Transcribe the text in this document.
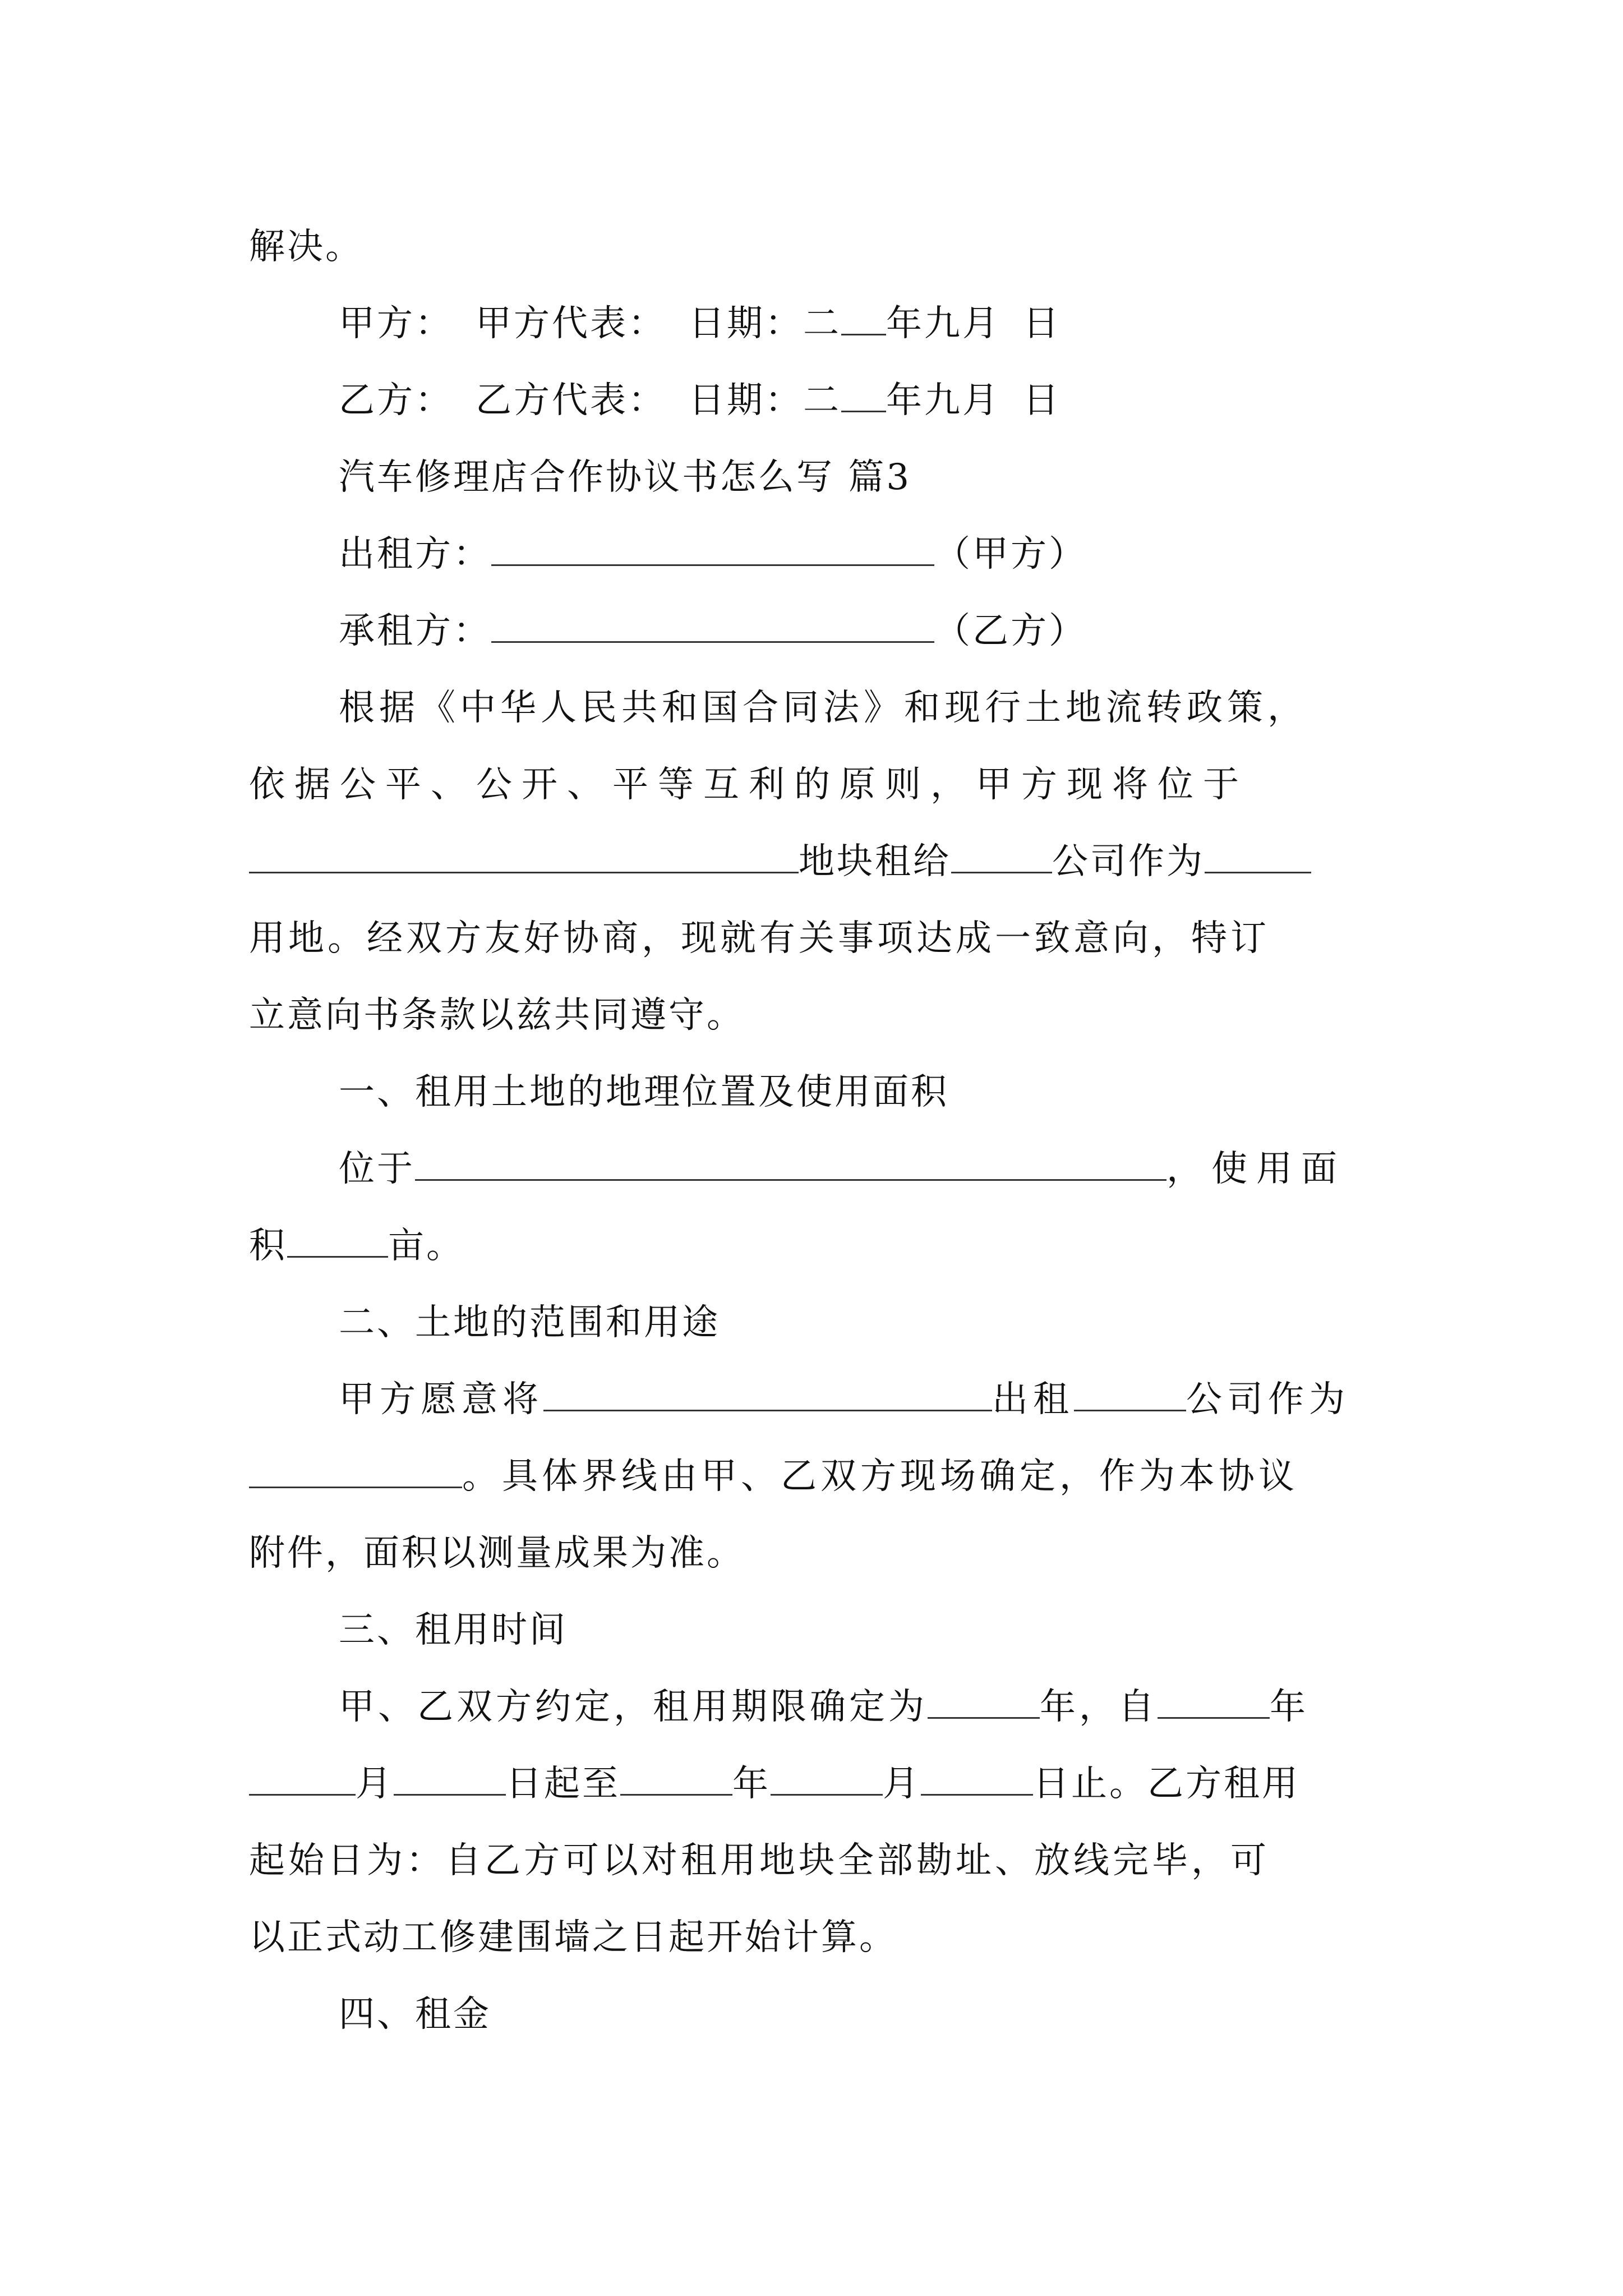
解决。
甲方： 甲方代表： 日期：二 年九月 日
乙方： 乙方代表： 日期：二 年九月 日
汽车修理店合作协议书怎么写 篇3
出租方：	（甲方）
承租方：	（乙方）
根据《中华人民共和国合同法》和现行土地流转政策，
依据公平、公开、平等互利的原则，甲方现将位于
地块租给	公司作为
用地。经双方友好协商，现就有关事项达成一致意向，特订
立意向书条款以兹共同遵守。
一、租用土地的地理位置及使用面积
位于	，使用面
积	亩。
二、土地的范围和用途
甲方愿意将	出租	公司作为
。具体界线由甲、乙双方现场确定，作为本协议
附件，面积以测量成果为准。
三、租用时间
甲、乙双方约定，租用期限确定为	年，自	年
月	日起至	年	月	日止。乙方租用
起始日为：自乙方可以对租用地块全部勘址、放线完毕，可
以正式动工修建围墙之日起开始计算。
四、租金
